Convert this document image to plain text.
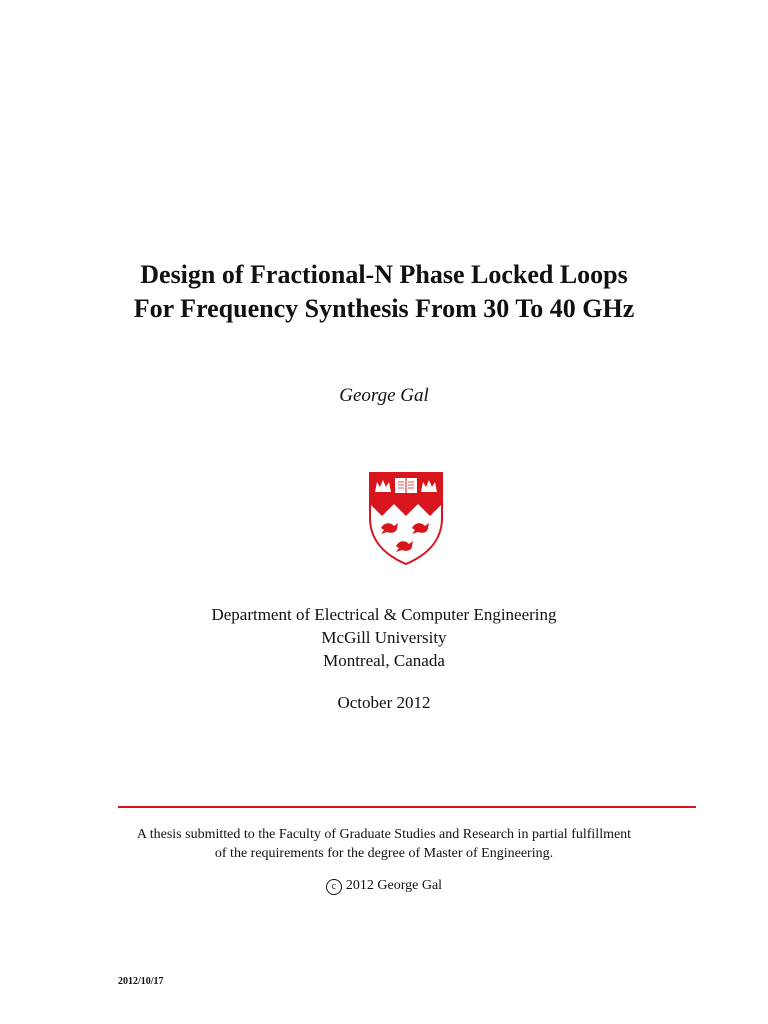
Design of Fractional-N Phase Locked Loops
For Frequency Synthesis From 30 To 40 GHz
George Gal
Department of Electrical & Computer Engineering
McGill University
Montreal, Canada
October 2012
A thesis submitted to the Faculty of Graduate Studies and Research in partial fulfillment
of the requirements for the degree of Master of Engineering.
c 2012 George Gal
2012/10/17
